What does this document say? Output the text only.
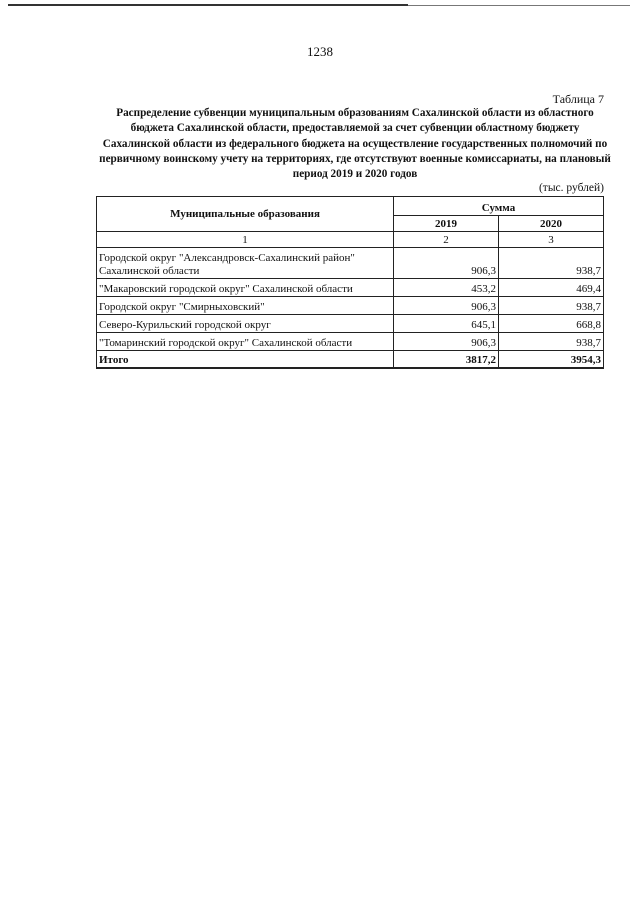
1238
Таблица 7
Распределение субвенции муниципальным образованиям Сахалинской области из областного бюджета Сахалинской области, предоставляемой за счет субвенции областному бюджету Сахалинской области из федерального бюджета на осуществление государственных полномочий по первичному воинскому учету на территориях, где отсутствуют военные комиссариаты, на плановый период 2019 и 2020 годов
(тыс. рублей)
Муниципальные образования	Сумма	
	2019	2020
1	2	3
Городской округ "Александровск-Сахалинский район" Сахалинской области	906,3	938,7
"Макаровский городской округ" Сахалинской области	453,2	469,4
Городской округ "Смирныховский"	906,3	938,7
Северо-Курильский городской округ	645,1	668,8
"Томаринский городской округ" Сахалинской области	906,3	938,7
Итого	3817,2	3954,3
